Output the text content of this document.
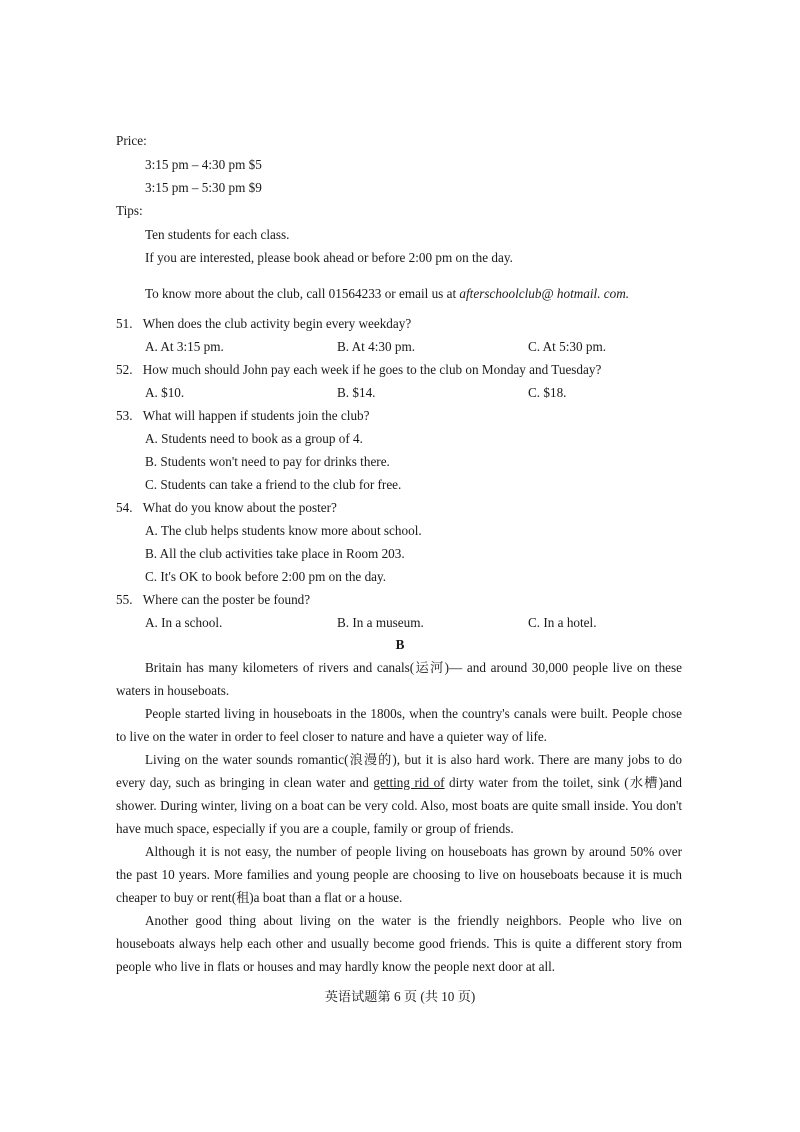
Price:
3:15 pm – 4:30 pm $5
3:15 pm – 5:30 pm $9
Tips:
Ten students for each class.
If you are interested, please book ahead or before 2:00 pm on the day.
To know more about the club, call 01564233 or email us at afterschoolclub@ hotmail. com.
51. When does the club activity begin every weekday?
A. At 3:15 pm.	B. At 4:30 pm.	C. At 5:30 pm.
52. How much should John pay each week if he goes to the club on Monday and Tuesday?
A. $10.	B. $14.	C. $18.
53. What will happen if students join the club?
A. Students need to book as a group of 4.
B. Students won't need to pay for drinks there.
C. Students can take a friend to the club for free.
54. What do you know about the poster?
A. The club helps students know more about school.
B. All the club activities take place in Room 203.
C. It's OK to book before 2:00 pm on the day.
55. Where can the poster be found?
A. In a school.	B. In a museum.	C. In a hotel.
B
Britain has many kilometers of rivers and canals(运河)— and around 30,000 people live on these waters in houseboats.
People started living in houseboats in the 1800s, when the country's canals were built. People chose to live on the water in order to feel closer to nature and have a quieter way of life.
Living on the water sounds romantic(浪漫的), but it is also hard work. There are many jobs to do every day, such as bringing in clean water and getting rid of dirty water from the toilet, sink (水槽)and shower. During winter, living on a boat can be very cold. Also, most boats are quite small inside. You don't have much space, especially if you are a couple, family or group of friends.
Although it is not easy, the number of people living on houseboats has grown by around 50% over the past 10 years. More families and young people are choosing to live on houseboats because it is much cheaper to buy or rent(租)a boat than a flat or a house.
Another good thing about living on the water is the friendly neighbors. People who live on houseboats always help each other and usually become good friends. This is quite a different story from people who live in flats or houses and may hardly know the people next door at all.
英语试题第 6 页 (共 10 页)
